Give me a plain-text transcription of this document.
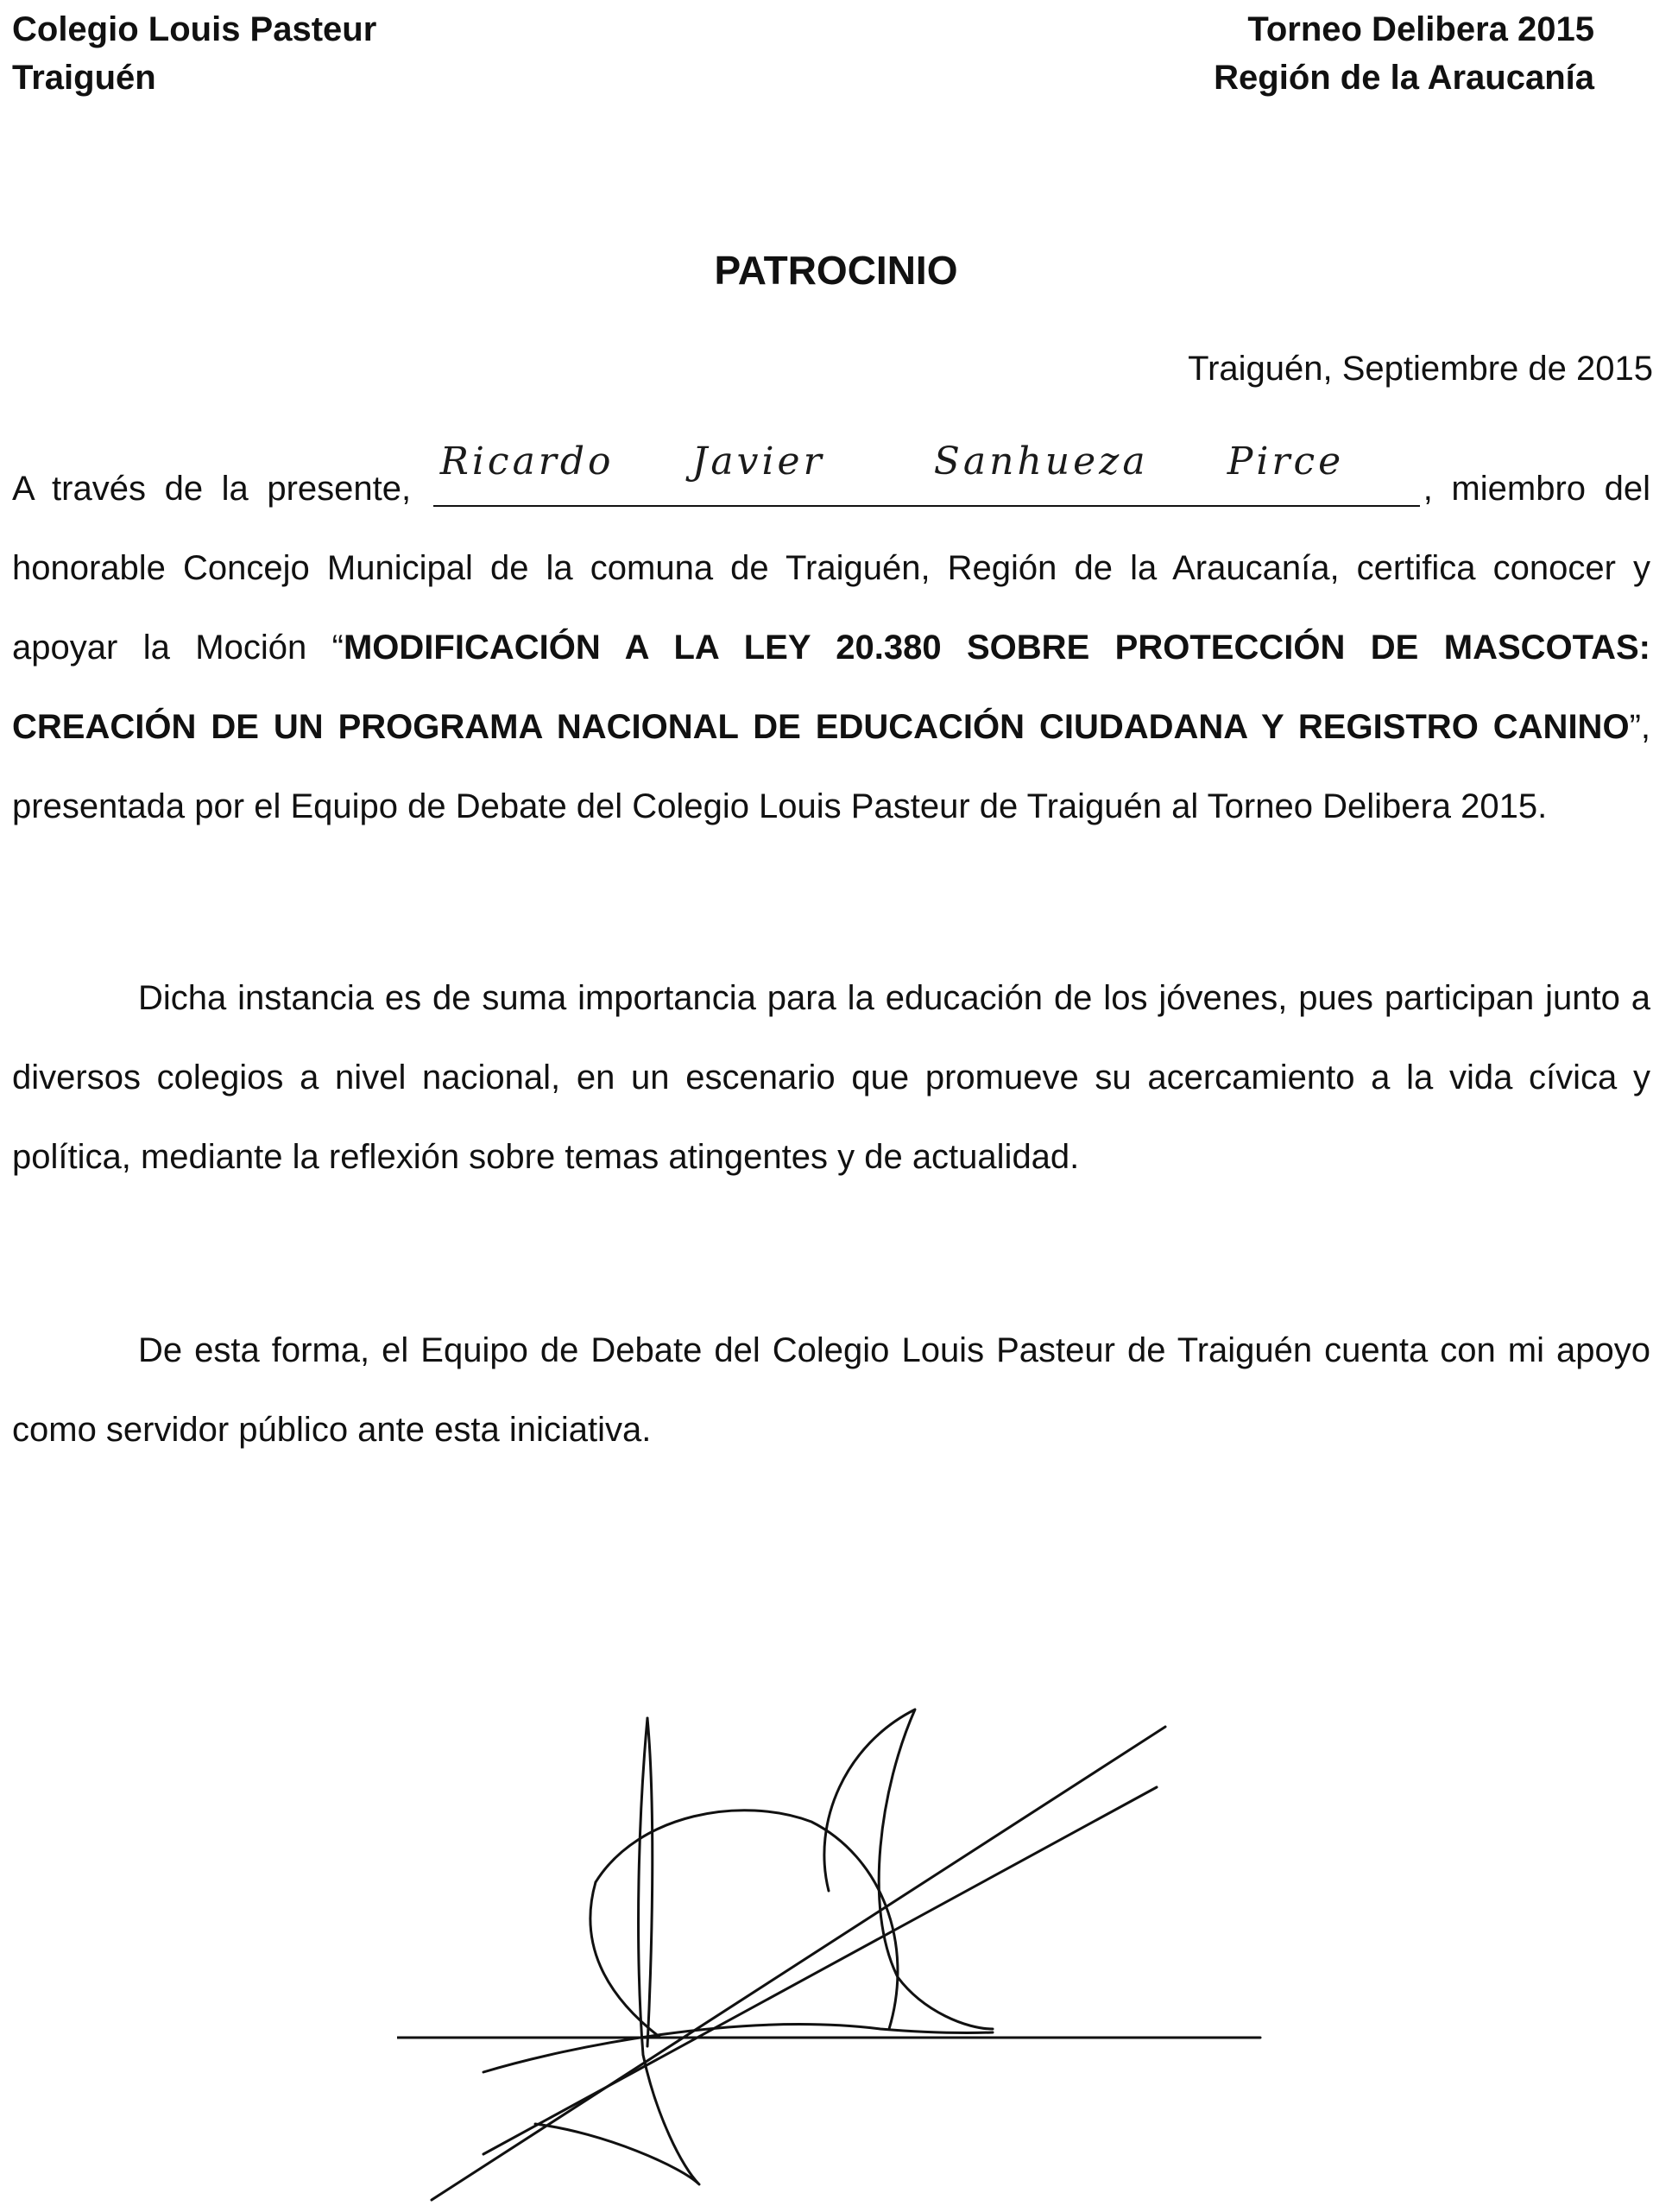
Colegio Louis Pasteur
Traiguén
Torneo Delibera 2015
Región de la Araucanía
PATROCINIO
Traiguén, Septiembre de 2015
A través de la presente,
Ricardo Javier	Sanhueza Pirce
, miembro del honorable Concejo Municipal de la comuna de Traiguén, Región de la Araucanía, certifica conocer y apoyar la Moción “MODIFICACIÓN A LA LEY 20.380 SOBRE PROTECCIÓN DE MASCOTAS: CREACIÓN DE UN PROGRAMA NACIONAL DE EDUCACIÓN CIUDADANA Y REGISTRO CANINO”, presentada por el Equipo de Debate del Colegio Louis Pasteur de Traiguén al Torneo Delibera 2015.
Dicha instancia es de suma importancia para la educación de los jóvenes, pues participan junto a diversos colegios a nivel nacional, en un escenario que promueve su acercamiento a la vida cívica y política, mediante la reflexión sobre temas atingentes y de actualidad.
De esta forma, el Equipo de Debate del Colegio Louis Pasteur de Traiguén cuenta con mi apoyo como servidor público ante esta iniciativa.
